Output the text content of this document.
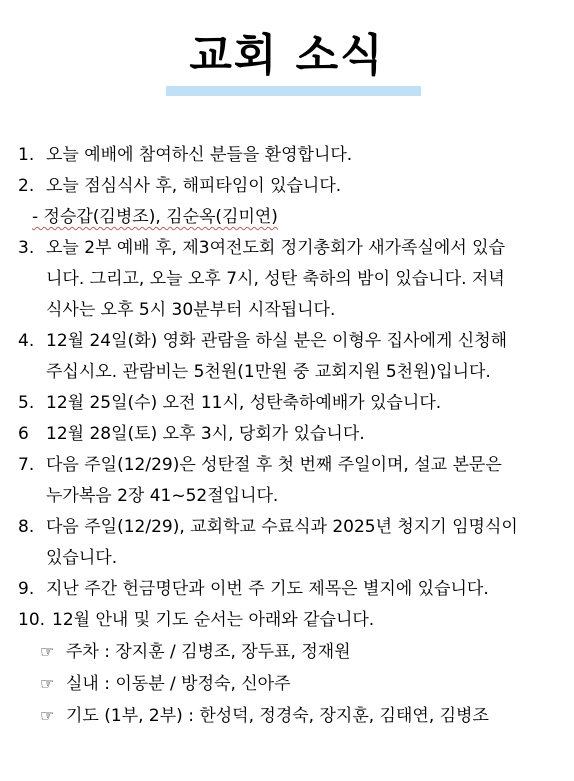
교회 소식
1. 오늘 예배에 참여하신 분들을 환영합니다.
2. 오늘 점심식사 후, 해피타임이 있습니다.
- 정승갑(김병조), 김순옥(김미연)
3. 오늘 2부 예배 후, 제3여전도회 정기총회가 새가족실에서 있습
니다. 그리고, 오늘 오후 7시, 성탄 축하의 밤이 있습니다. 저녁
식사는 오후 5시 30분부터 시작됩니다.
4. 12월 24일(화) 영화 관람을 하실 분은 이형우 집사에게 신청해
주십시오. 관람비는 5천원(1만원 중 교회지원 5천원)입니다.
5. 12월 25일(수) 오전 11시, 성탄축하예배가 있습니다.
6	12월 28일(토) 오후 3시, 당회가 있습니다.
7. 다음 주일(12/29)은 성탄절 후 첫 번째 주일이며, 설교 본문은
누가복음 2장 41~52절입니다.
8. 다음 주일(12/29), 교회학교 수료식과 2025년 청지기 임명식이
있습니다.
9. 지난 주간 헌금명단과 이번 주 기도 제목은 별지에 있습니다.
10. 12월 안내 및 기도 순서는 아래와 같습니다.
☞ 주차 : 장지훈 / 김병조, 장두표, 정재원
☞ 실내 : 이동분 / 방정숙, 신아주
☞ 기도 (1부, 2부) : 한성덕, 정경숙, 장지훈, 김태연, 김병조
